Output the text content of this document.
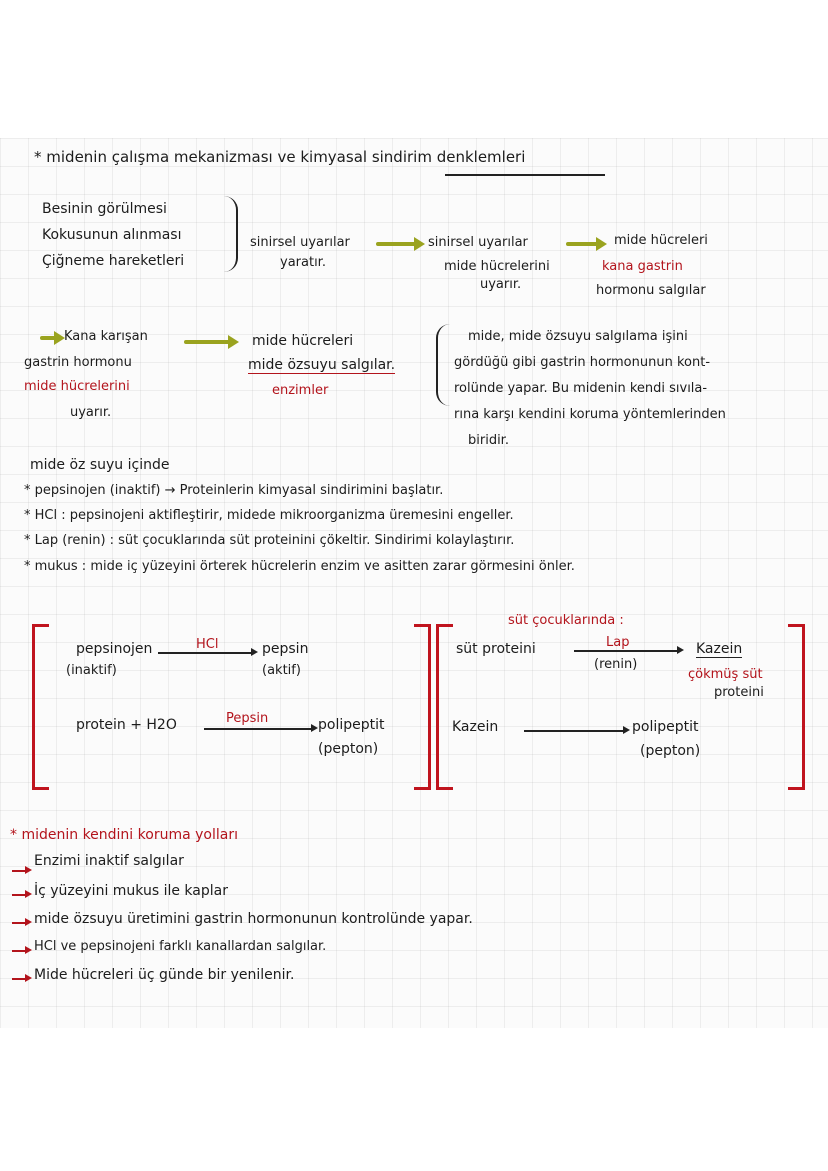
* midenin çalışma mekanizması ve kimyasal sindirim denklemleri
Besinin görülmesi
Kokusunun alınması
Çiğneme hareketleri
sinirsel uyarılar
yaratır.
sinirsel uyarılar
mide hücrelerini
uyarır.
mide hücreleri
kana gastrin
hormonu salgılar
Kana karışan
gastrin hormonu
mide hücrelerini
uyarır.
mide hücreleri
mide özsuyu salgılar.
enzimler
mide, mide özsuyu salgılama işini
gördüğü gibi gastrin hormonunun kont-
rolünde yapar. Bu midenin kendi sıvıla-
rına karşı kendini koruma yöntemlerinden
biridir.
mide öz suyu içinde
* pepsinojen (inaktif) → Proteinlerin kimyasal sindirimini başlatır.
* HCl : pepsinojeni aktifleştirir, midede mikroorganizma üremesini engeller.
* Lap (renin) : süt çocuklarında süt proteinini çökeltir. Sindirimi kolaylaştırır.
* mukus : mide iç yüzeyini örterek hücrelerin enzim ve asitten zarar görmesini önler.
pepsinojen
(inaktif)
HCl	pepsin
(aktif)
protein + H2O	Pepsin	polipeptit
(pepton)
süt çocuklarında :
süt proteini	Lap
(renin)
Kazein
çökmüş süt
proteini
Kazein	polipeptit
(pepton)
* midenin kendini koruma yolları
Enzimi inaktif salgılar
İç yüzeyini mukus ile kaplar
mide özsuyu üretimini gastrin hormonunun kontrolünde yapar.
HCl ve pepsinojeni farklı kanallardan salgılar.
Mide hücreleri üç günde bir yenilenir.
